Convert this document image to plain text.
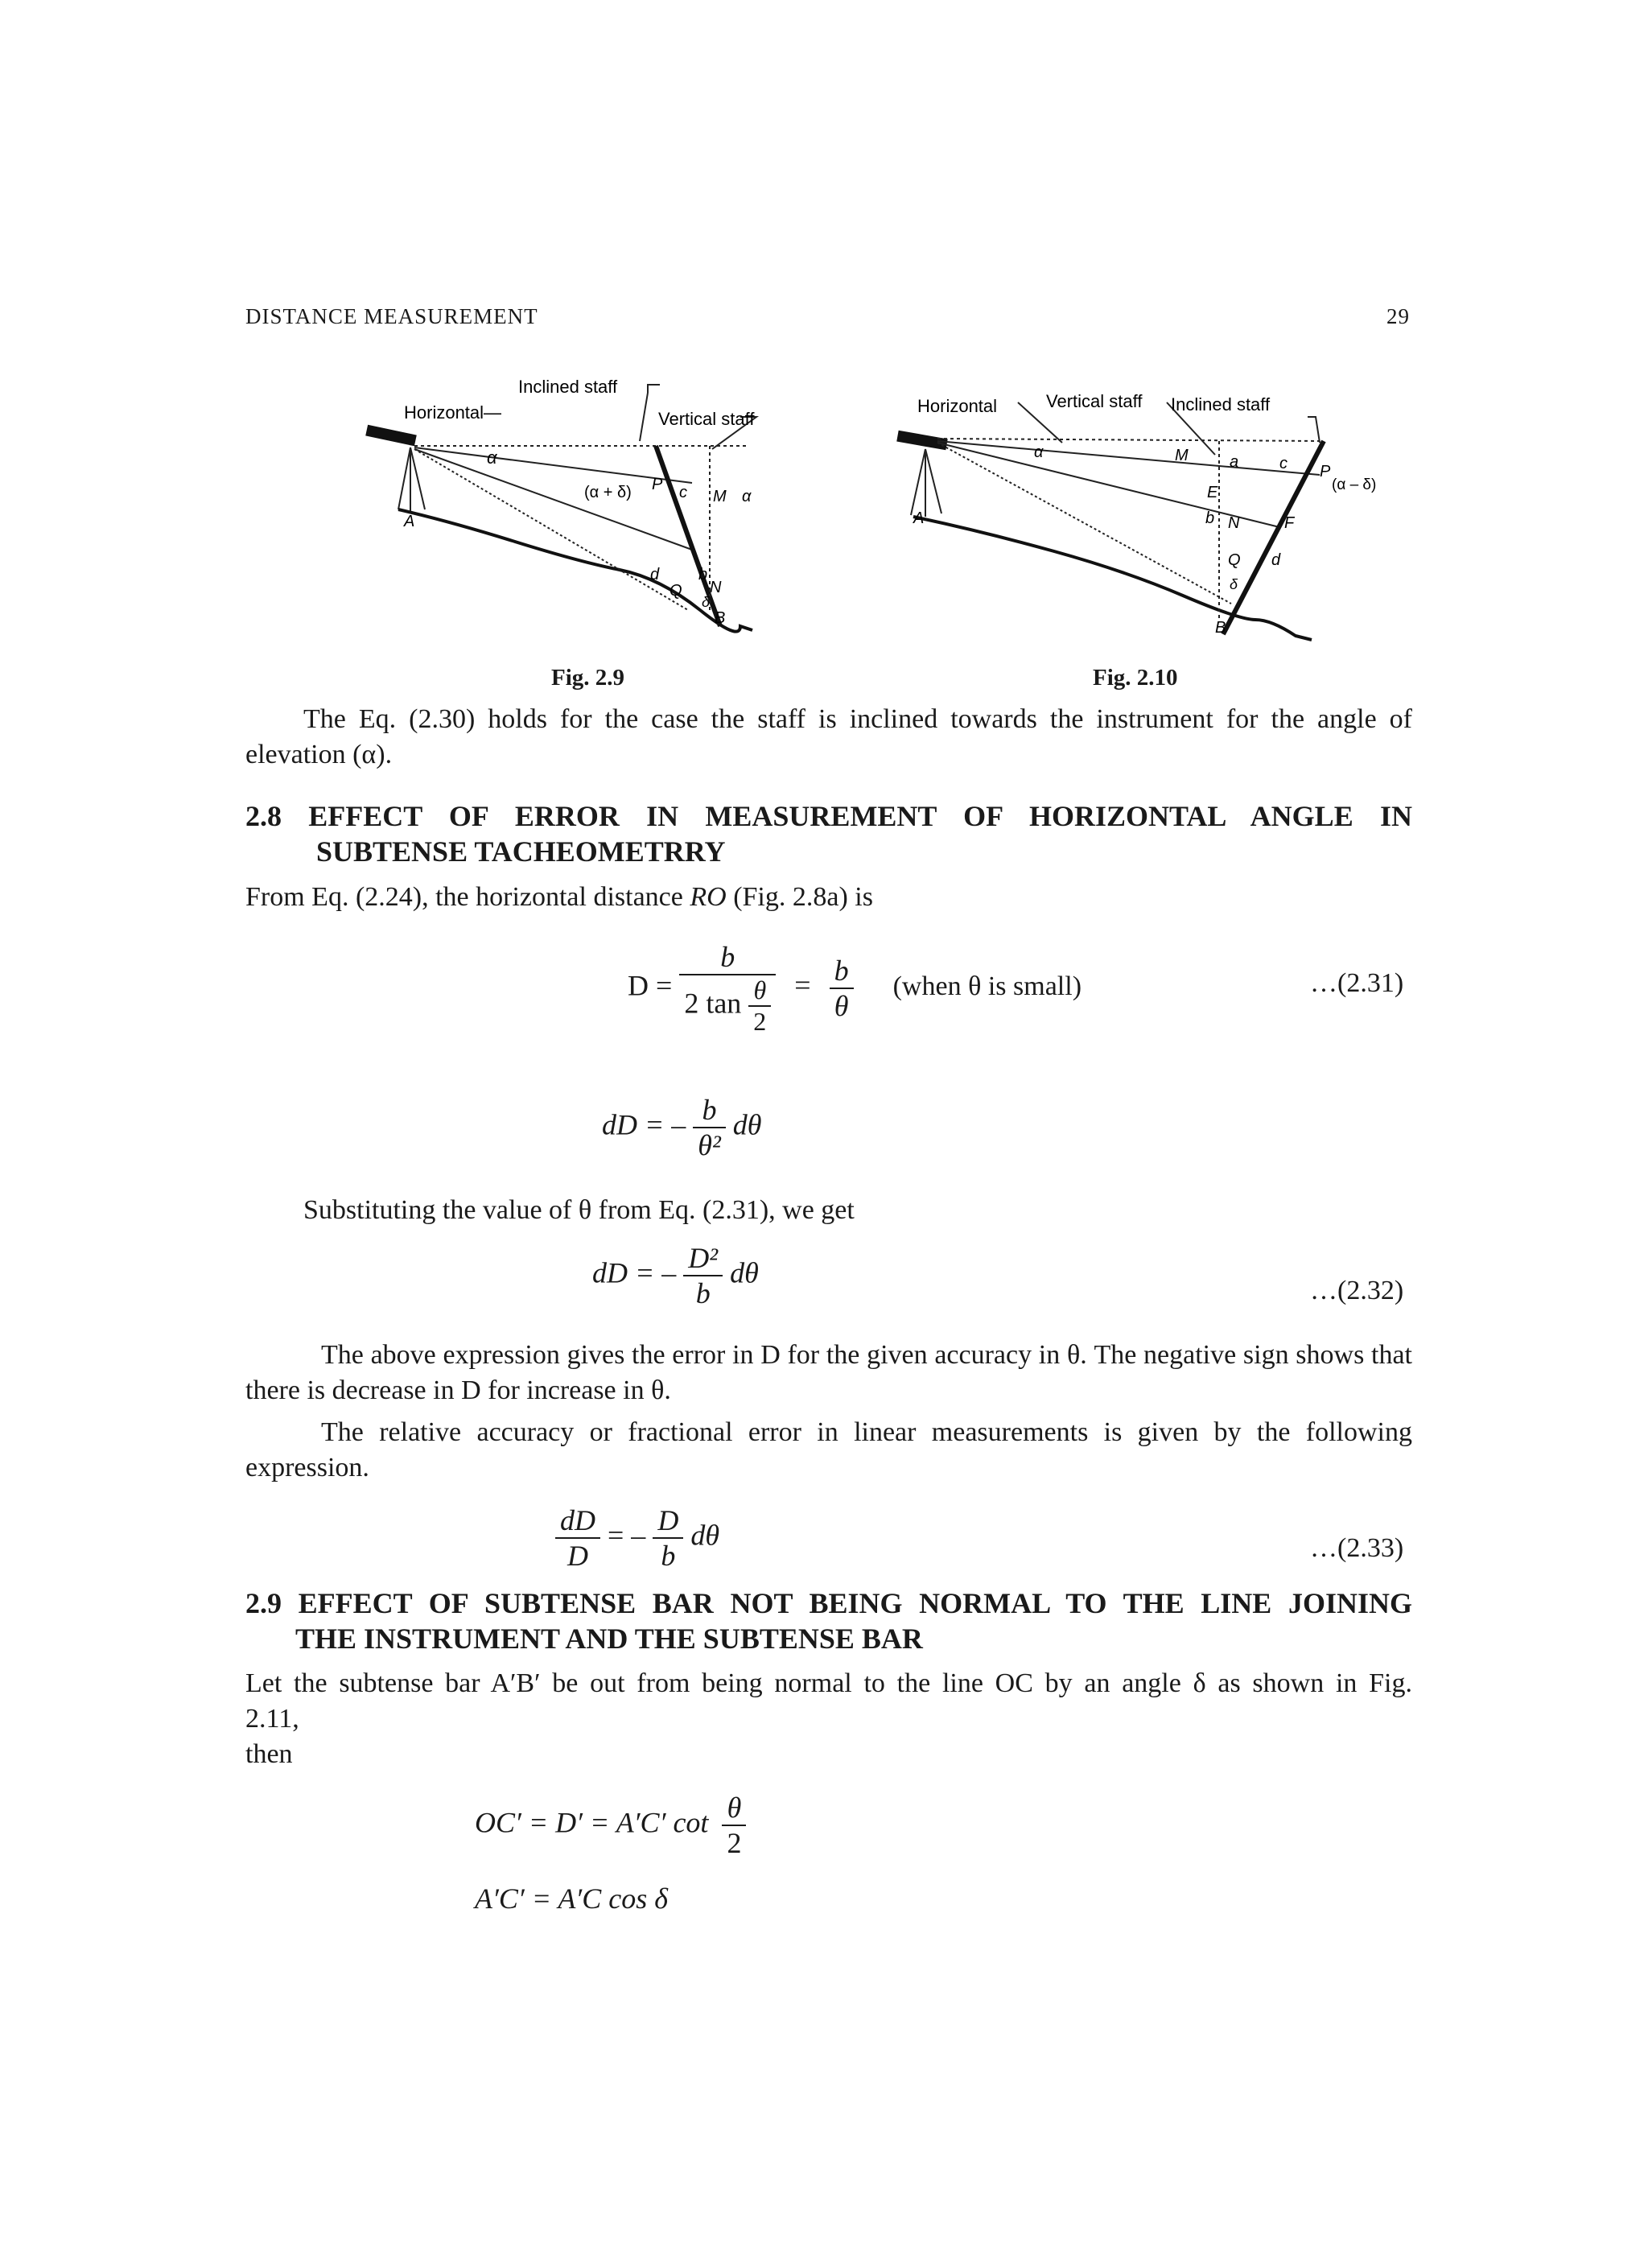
DISTANCE MEASUREMENT	29
Inclined staff
Horizontal—	Vertical staff
α
(α + δ) P c M α
A
d b
Q N
δ
B
Fig. 2.9
Horizontal	Vertical staff Inclined staff
α	M	a	c P
(α – δ)
E
b N	F
Q d
A
δ
B
Fig. 2.10
The Eq. (2.30) holds for the case the staff is inclined towards the instrument for the angle of elevation (α).
2.8 EFFECT OF ERROR IN MEASUREMENT OF HORIZONTAL ANGLE IN
SUBTENSE TACHEOMETRRY
From Eq. (2.24), the horizontal distance RO (Fig. 2.8a) is
$D = \frac{b}{2 \tan \frac{\theta}{2}} = \frac{b}{\theta}$ (when θ is small)	…(2.31)
dD = – $\frac{b}{\text{θ²}}$ dθ
Substituting the value of θ from Eq. (2.31), we get
dD = – $\frac{\text{D²}}{b}$ dθ
…(2.32)
The above expression gives the error in D for the given accuracy in θ. The negative sign shows that there is decrease in D for increase in θ.
The relative accuracy or fractional error in linear measurements is given by the following expression.
$\frac{dD}{D}$ = – $\frac{D}{b}$ dθ	…(2.33)
2.9 EFFECT OF SUBTENSE BAR NOT BEING NORMAL TO THE LINE JOINING
THE INSTRUMENT AND THE SUBTENSE BAR
Let the subtense bar A′B′ be out from being normal to the line OC by an angle δ as shown in Fig.
2.11,
then
OC′ = D′ = A′C′ $\cot \frac{\theta}{2}$
A′C′ = A′C cos δ
